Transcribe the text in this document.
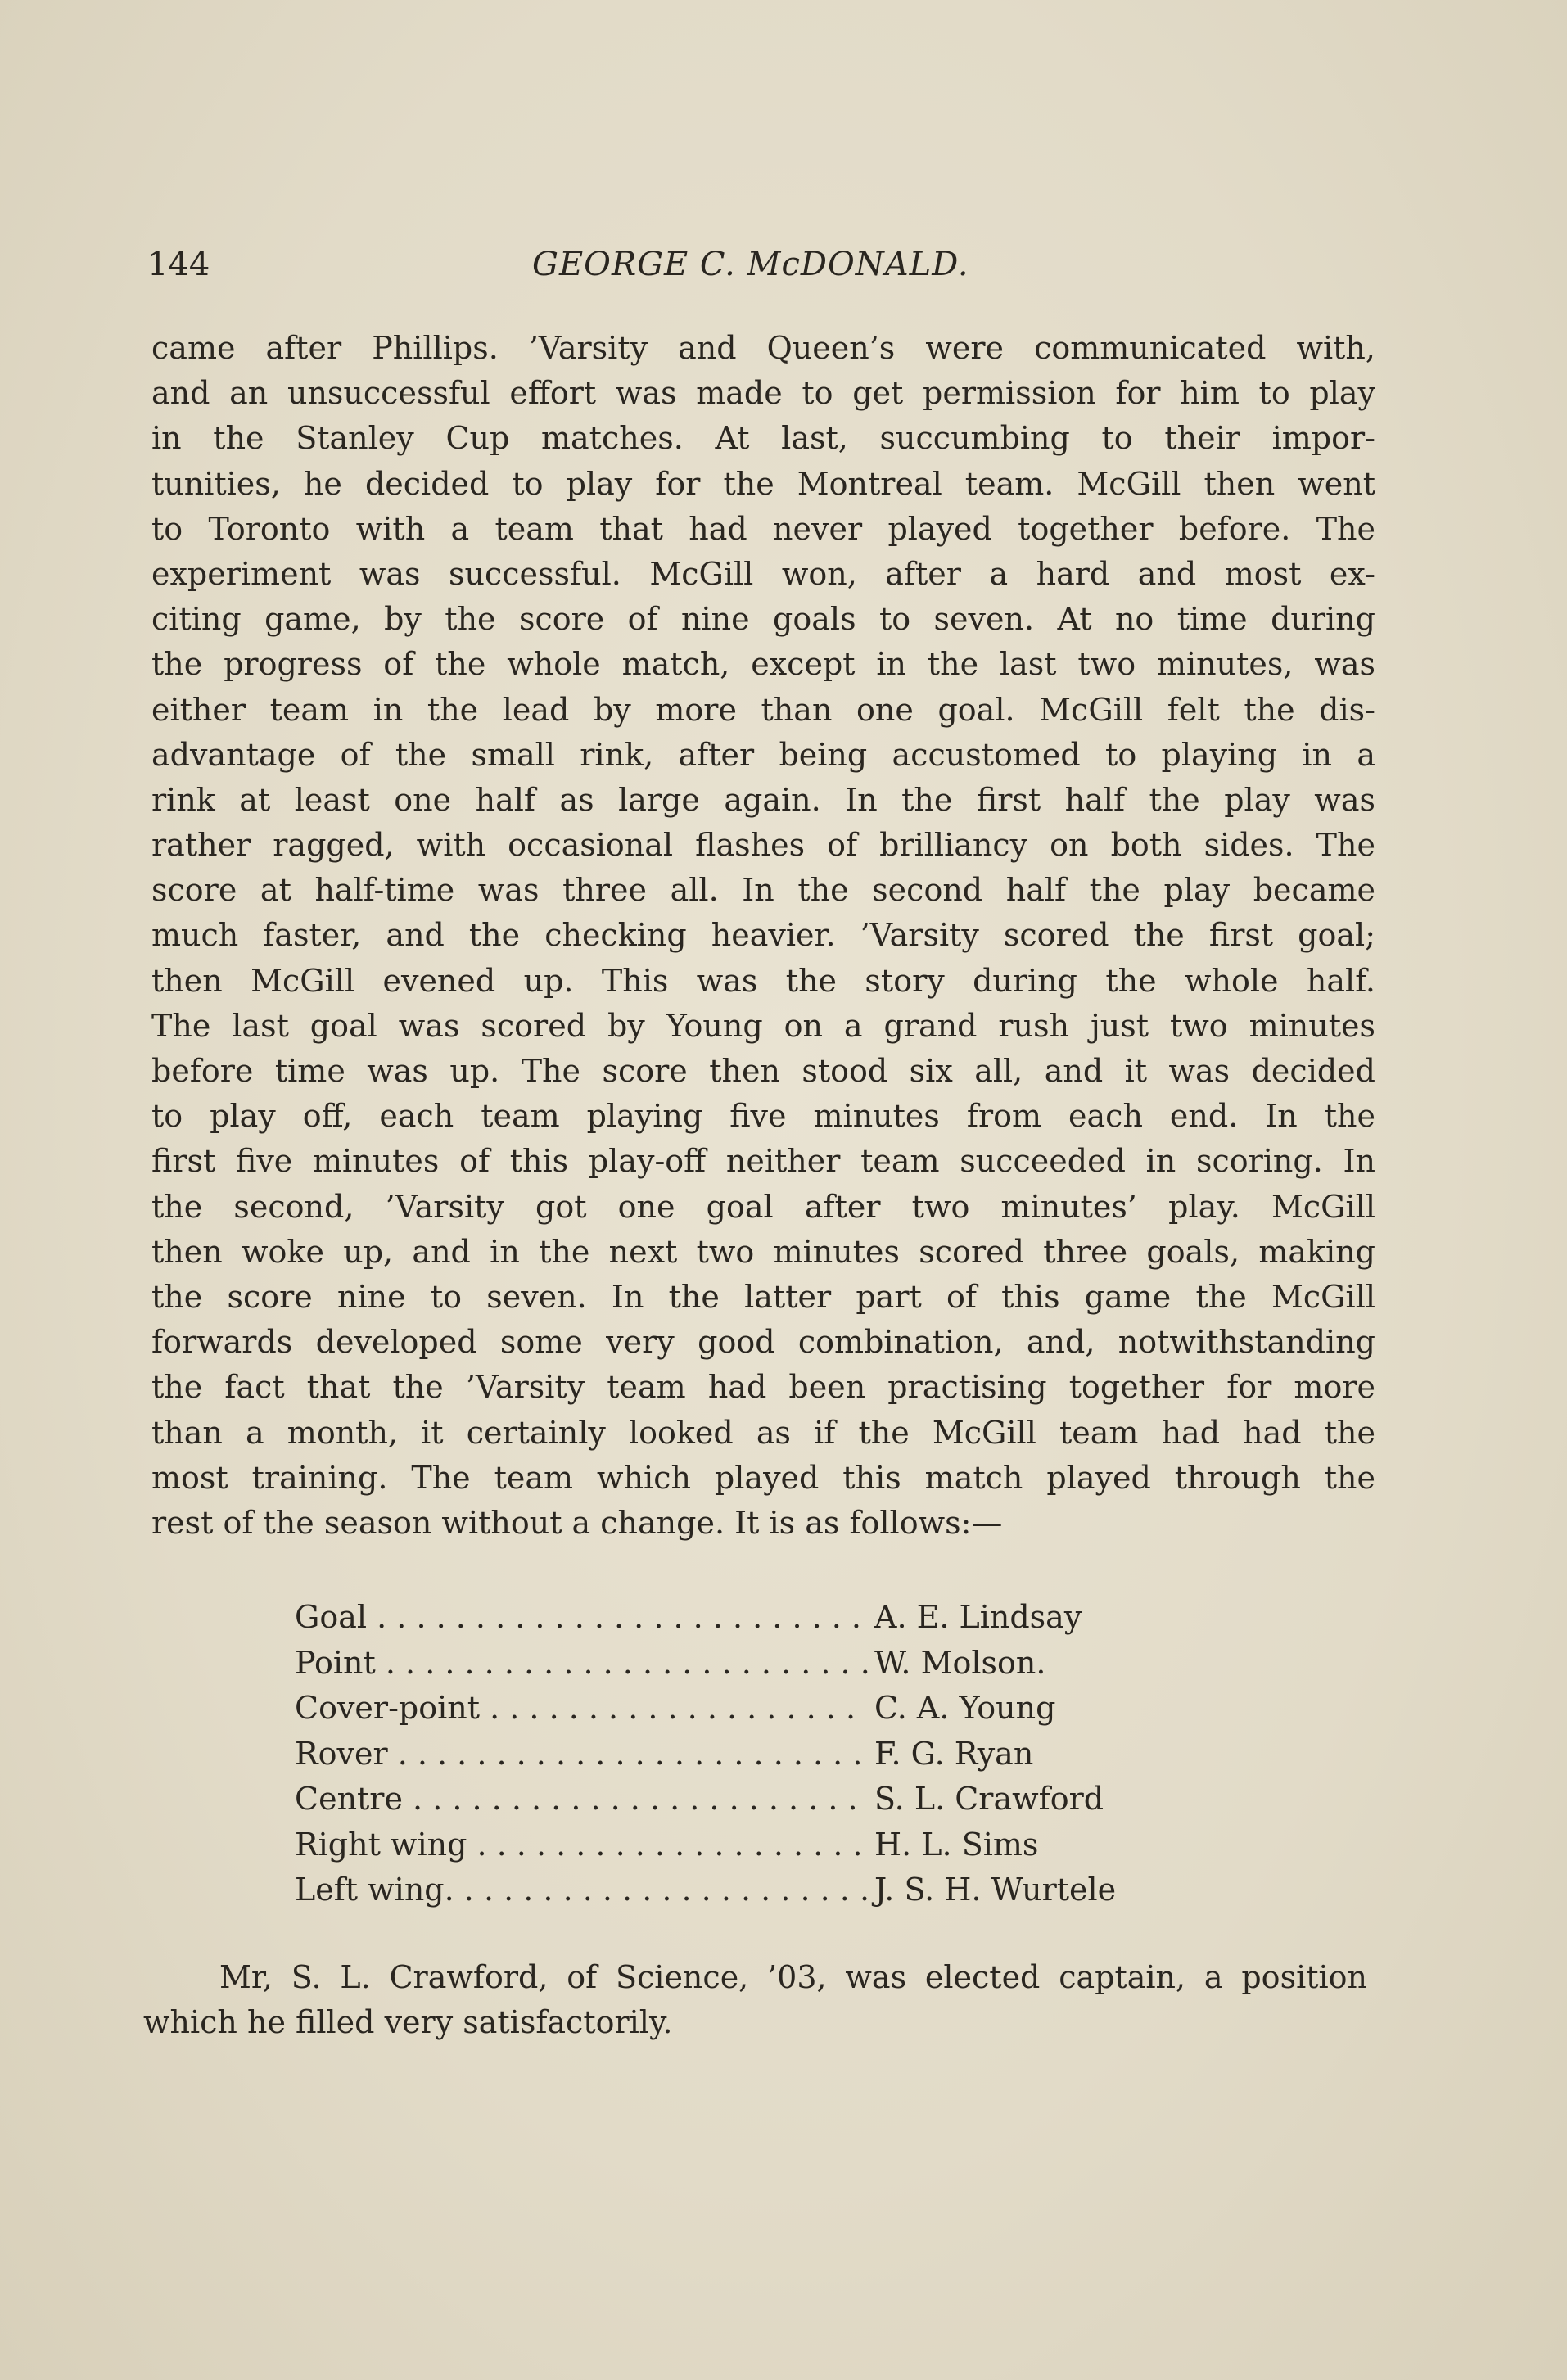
144	GEORGE C. McDONALD.
came after Phillips. ’Varsity and Queen’s were communicated with,
and an unsuccessful effort was made to get permission for him to play
in the Stanley Cup matches. At last, succumbing to their impor-
tunities, he decided to play for the Montreal team. McGill then went
to Toronto with a team that had never played together before. The
experiment was successful. McGill won, after a hard and most ex-
citing game, by the score of nine goals to seven. At no time during
the progress of the whole match, except in the last two minutes, was
either team in the lead by more than one goal. McGill felt the dis-
advantage of the small rink, after being accustomed to playing in a
rink at least one half as large again. In the first half the play was
rather ragged, with occasional flashes of brilliancy on both sides. The
score at half-time was three all. In the second half the play became
much faster, and the checking heavier. ’Varsity scored the first goal;
then McGill evened up. This was the story during the whole half.
The last goal was scored by Young on a grand rush just two minutes
before time was up. The score then stood six all, and it was decided
to play off, each team playing five minutes from each end. In the
first five minutes of this play-off neither team succeeded in scoring. In
the second, ’Varsity got one goal after two minutes’ play. McGill
then woke up, and in the next two minutes scored three goals, making
the score nine to seven. In the latter part of this game the McGill
forwards developed some very good combination, and, notwithstanding
the fact that the ’Varsity team had been practising together for more
than a month, it certainly looked as if the McGill team had had the
most training. The team which played this match played through the
rest of the season without a change. It is as follows:—
Goal . . .	A. E. Lindsay
Point . . .	W. Molson.
Cover-point . . .	C. A. Young
Rover . . .	F. G. Ryan
Centre . . .	S. L. Crawford
Right wing . . .	H. L. Sims
Left wing. . . .	J. S. H. Wurtele
Mr, S. L. Crawford, of Science, ’03, was elected captain, a position
which he filled very satisfactorily.
